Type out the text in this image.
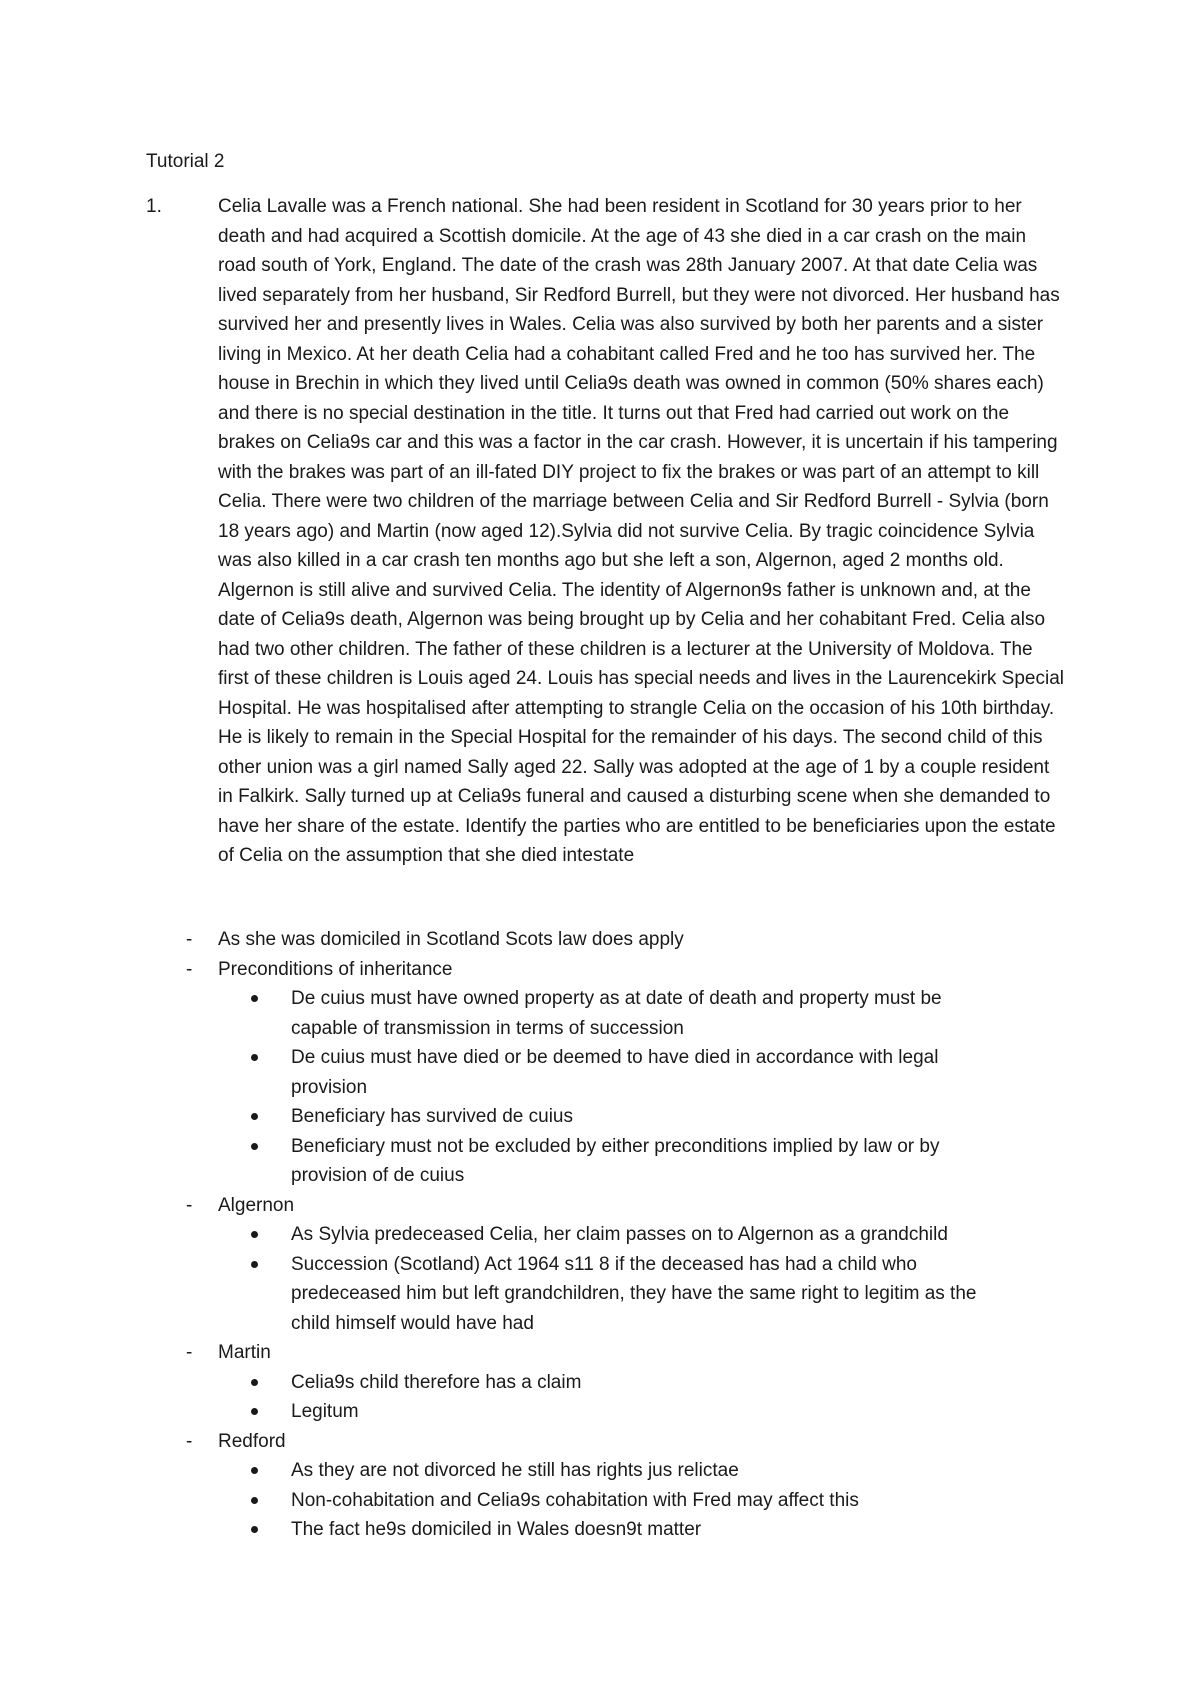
Tutorial 2
1.	Celia Lavalle was a French national. She had been resident in Scotland for 30 years prior to her death and had acquired a Scottish domicile. At the age of 43 she died in a car crash on the main road south of York, England. The date of the crash was 28th January 2007. At that date Celia was lived separately from her husband, Sir Redford Burrell, but they were not divorced. Her husband has survived her and presently lives in Wales. Celia was also survived by both her parents and a sister living in Mexico. At her death Celia had a cohabitant called Fred and he too has survived her. The house in Brechin in which they lived until Celia9s death was owned in common (50% shares each) and there is no special destination in the title. It turns out that Fred had carried out work on the brakes on Celia9s car and this was a factor in the car crash. However, it is uncertain if his tampering with the brakes was part of an ill-fated DIY project to fix the brakes or was part of an attempt to kill Celia. There were two children of the marriage between Celia and Sir Redford Burrell - Sylvia (born 18 years ago) and Martin (now aged 12).Sylvia did not survive Celia. By tragic coincidence Sylvia was also killed in a car crash ten months ago but she left a son, Algernon, aged 2 months old. Algernon is still alive and survived Celia. The identity of Algernon9s father is unknown and, at the date of Celia9s death, Algernon was being brought up by Celia and her cohabitant Fred. Celia also had two other children. The father of these children is a lecturer at the University of Moldova. The first of these children is Louis aged 24. Louis has special needs and lives in the Laurencekirk Special Hospital. He was hospitalised after attempting to strangle Celia on the occasion of his 10th birthday. He is likely to remain in the Special Hospital for the remainder of his days. The second child of this other union was a girl named Sally aged 22. Sally was adopted at the age of 1 by a couple resident in Falkirk. Sally turned up at Celia9s funeral and caused a disturbing scene when she demanded to have her share of the estate. Identify the parties who are entitled to be beneficiaries upon the estate of Celia on the assumption that she died intestate
- As she was domiciled in Scotland Scots law does apply
- Preconditions of inheritance
De cuius must have owned property as at date of death and property must be capable of transmission in terms of succession
De cuius must have died or be deemed to have died in accordance with legal provision
Beneficiary has survived de cuius
Beneficiary must not be excluded by either preconditions implied by law or by provision of de cuius
- Algernon
As Sylvia predeceased Celia, her claim passes on to Algernon as a grandchild
Succession (Scotland) Act 1964 s11 8 if the deceased has had a child who predeceased him but left grandchildren, they have the same right to legitim as the child himself would have had
- Martin
Celia9s child therefore has a claim
Legitum
- Redford
As they are not divorced he still has rights jus relictae
Non-cohabitation and Celia9s cohabitation with Fred may affect this
The fact he9s domiciled in Wales doesn9t matter
